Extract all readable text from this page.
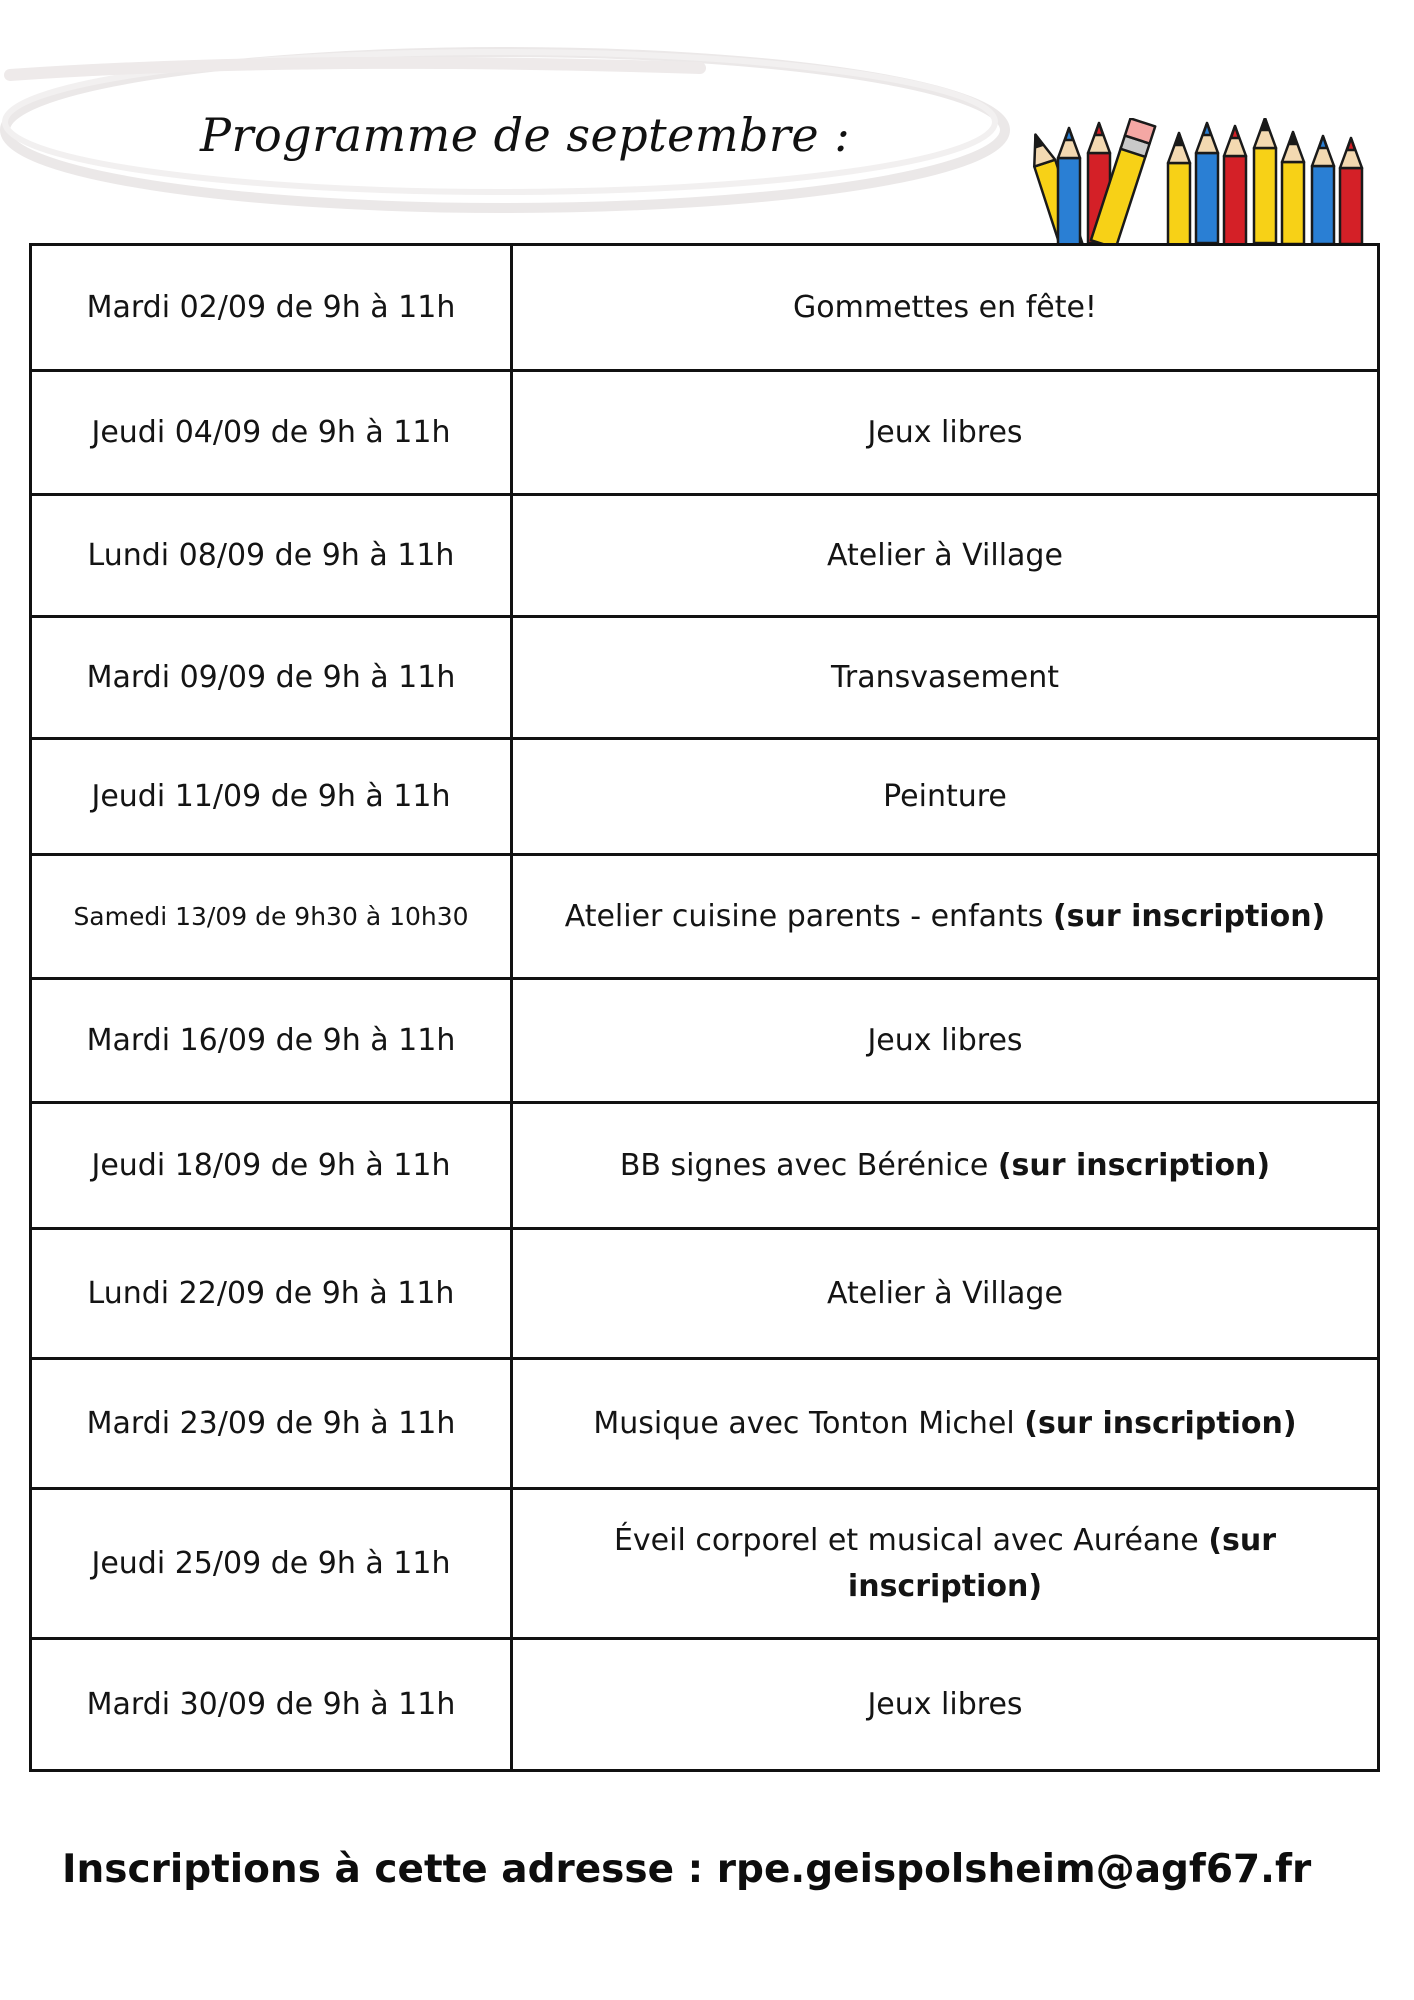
Programme de septembre :
Mardi 02/09 de 9h à 11h	Gommettes en fête!
Jeudi 04/09 de 9h à 11h	Jeux libres
Lundi 08/09 de 9h à 11h	Atelier à Village
Mardi 09/09 de 9h à 11h	Transvasement
Jeudi 11/09 de 9h à 11h	Peinture
Samedi 13/09 de 9h30 à 10h30	Atelier cuisine parents - enfants (sur inscription)
Mardi 16/09 de 9h à 11h	Jeux libres
Jeudi 18/09 de 9h à 11h	BB signes avec Bérénice (sur inscription)
Lundi 22/09 de 9h à 11h	Atelier à Village
Mardi 23/09 de 9h à 11h	Musique avec Tonton Michel (sur inscription)
Jeudi 25/09 de 9h à 11h	Éveil corporel et musical avec Auréane (sur inscription)
Mardi 30/09 de 9h à 11h	Jeux libres
Inscriptions à cette adresse : rpe.geispolsheim@agf67.fr
